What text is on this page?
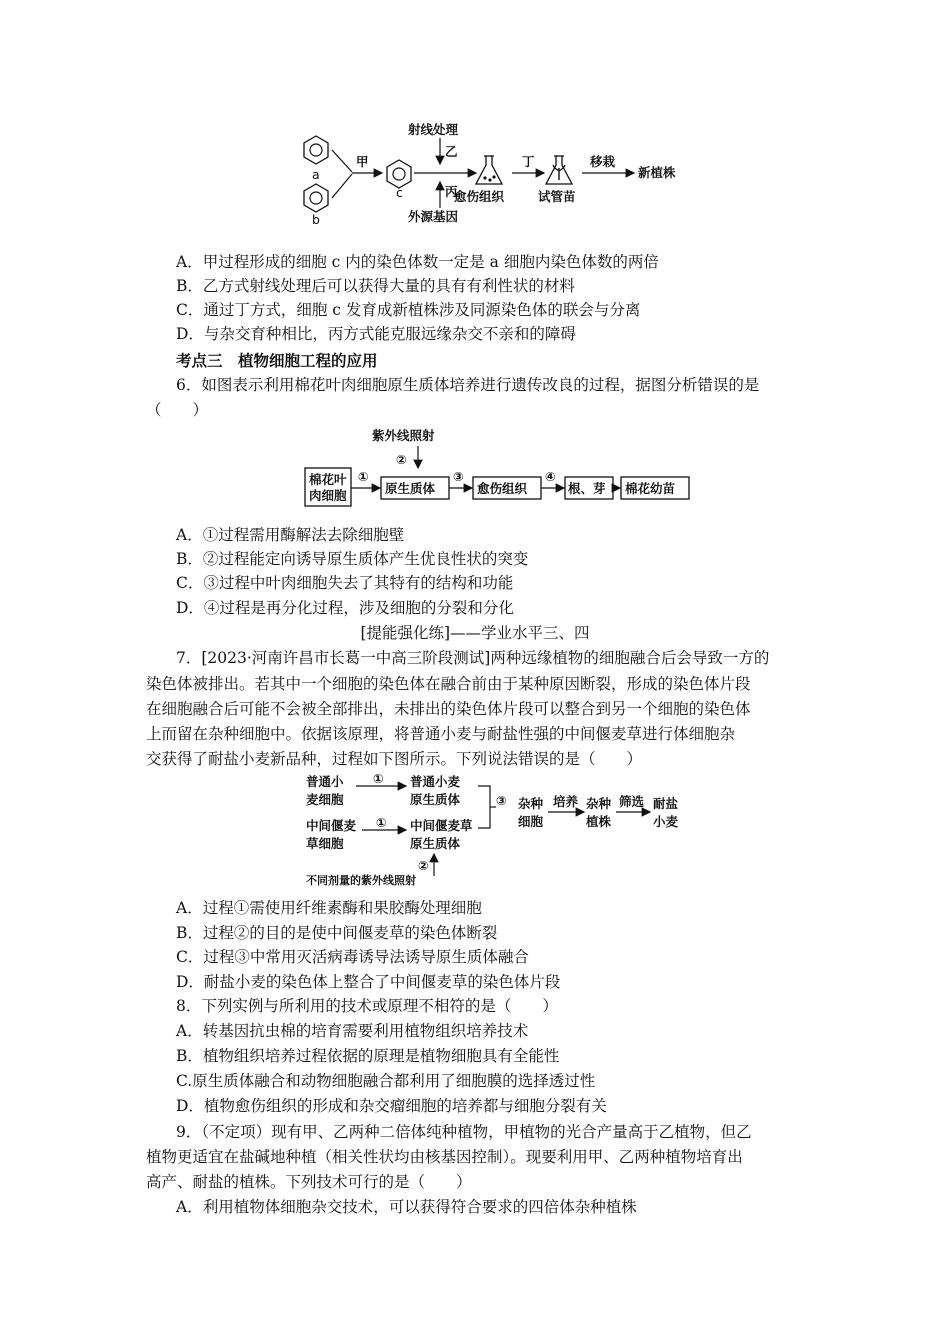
a
b
甲
c
射线处理
乙
丙
外源基因
愈伤组织
丁
试管苗
移栽
新植株
A．甲过程形成的细胞 c 内的染色体数一定是 a 细胞内染色体数的两倍
B．乙方式射线处理后可以获得大量的具有有利性状的材料
C．通过丁方式，细胞 c 发育成新植株涉及同源染色体的联会与分离
D．与杂交育种相比，丙方式能克服远缘杂交不亲和的障碍
考点三　植物细胞工程的应用
6．如图表示利用棉花叶肉细胞原生质体培养进行遗传改良的过程，据图分析错误的是
（　　）
紫外线照射
②
棉花叶
肉细胞
①
原生质体
③
愈伤组织
④
根、芽 棉花幼苗
A．①过程需用酶解法去除细胞壁
B．②过程能定向诱导原生质体产生优良性状的突变
C．③过程中叶肉细胞失去了其特有的结构和功能
D．④过程是再分化过程，涉及细胞的分裂和分化
[提能强化练]——学业水平三、四
7．[2023·河南许昌市长葛一中高三阶段测试]两种远缘植物的细胞融合后会导致一方的
染色体被排出。若其中一个细胞的染色体在融合前由于某种原因断裂，形成的染色体片段
在细胞融合后可能不会被全部排出，未排出的染色体片段可以整合到另一个细胞的染色体
上而留在杂种细胞中。依据该原理，将普通小麦与耐盐性强的中间偃麦草进行体细胞杂
交获得了耐盐小麦新品种，过程如下图所示。下列说法错误的是（　　）
普通小
麦细胞
① 普通小麦
原生质体
中间偃麦
草细胞
① 中间偃麦草
原生质体
②
不同剂量的紫外线照射
③ 杂种
细胞
培养 杂种
植株
筛选 耐盐
小麦
A．过程①需使用纤维素酶和果胶酶处理细胞
B．过程②的目的是使中间偃麦草的染色体断裂
C．过程③中常用灭活病毒诱导法诱导原生质体融合
D．耐盐小麦的染色体上整合了中间偃麦草的染色体片段
8．下列实例与所利用的技术或原理不相符的是（　　）
A．转基因抗虫棉的培育需要利用植物组织培养技术
B．植物组织培养过程依据的原理是植物细胞具有全能性
C.原生质体融合和动物细胞融合都利用了细胞膜的选择透过性
D．植物愈伤组织的形成和杂交瘤细胞的培养都与细胞分裂有关
9．（不定项）现有甲、乙两种二倍体纯种植物，甲植物的光合产量高于乙植物，但乙
植物更适宜在盐碱地种植（相关性状均由核基因控制）。现要利用甲、乙两种植物培育出
高产、耐盐的植株。下列技术可行的是（　　）
A．利用植物体细胞杂交技术，可以获得符合要求的四倍体杂种植株
